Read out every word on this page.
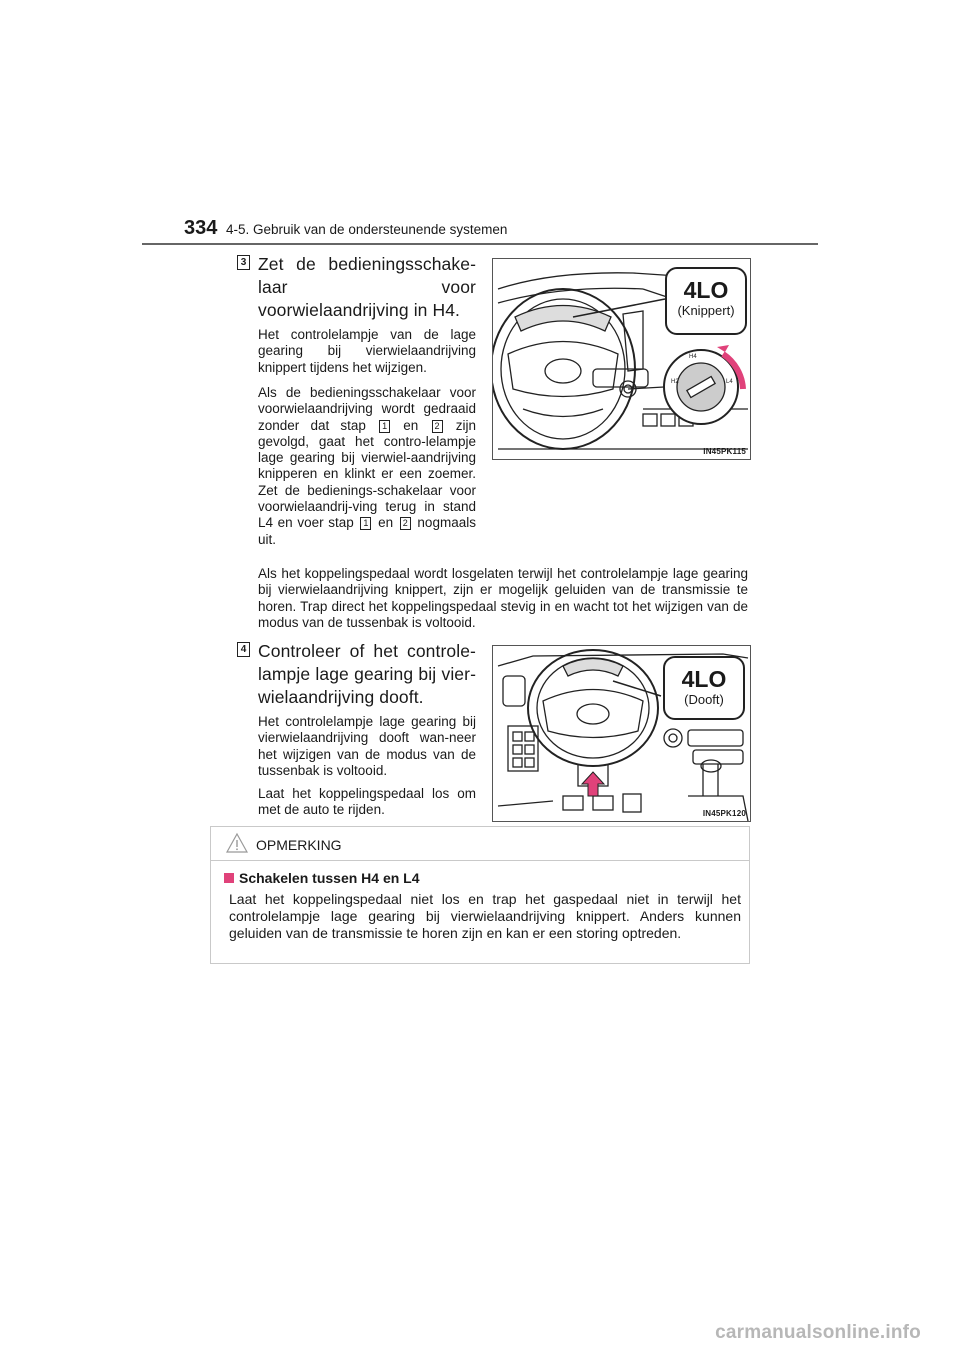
334 4-5. Gebruik van de ondersteunende systemen
3 Zet de bedieningsschake-laar voor voorwielaandrijving in H4.
Het controlelampje van de lage gearing bij vierwielaandrijving knippert tijdens het wijzigen.
Als de bedieningsschakelaar voor voorwielaandrijving wordt gedraaid zonder dat stap 1 en 2 zijn gevolgd, gaat het contro-lelampje lage gearing bij vierwiel-aandrijving knipperen en klinkt er een zoemer. Zet de bedienings-schakelaar voor voorwielaandrij-ving terug in stand L4 en voer stap 1 en 2 nogmaals uit.
H4
H2	L4
4LO
(Knippert)
IN45PK115
Als het koppelingspedaal wordt losgelaten terwijl het controlelampje lage gearing bij vierwielaandrijving knippert, zijn er mogelijk geluiden van de transmissie te horen. Trap direct het koppelingspedaal stevig in en wacht tot het wijzigen van de modus van de tussenbak is voltooid.
4 Controleer of het controle-lampje lage gearing bij vier-wielaandrijving dooft.
Het controlelampje lage gearing bij vierwielaandrijving dooft wan-neer het wijzigen van de modus van de tussenbak is voltooid.
Laat het koppelingspedaal los om met de auto te rijden.
4LO
(Dooft)
IN45PK120
OPMERKING
Schakelen tussen H4 en L4
Laat het koppelingspedaal niet los en trap het gaspedaal niet in terwijl het controlelampje lage gearing bij vierwielaandrijving knippert. Anders kunnen geluiden van de transmissie te horen zijn en kan er een storing optreden.
carmanualsonline.info
